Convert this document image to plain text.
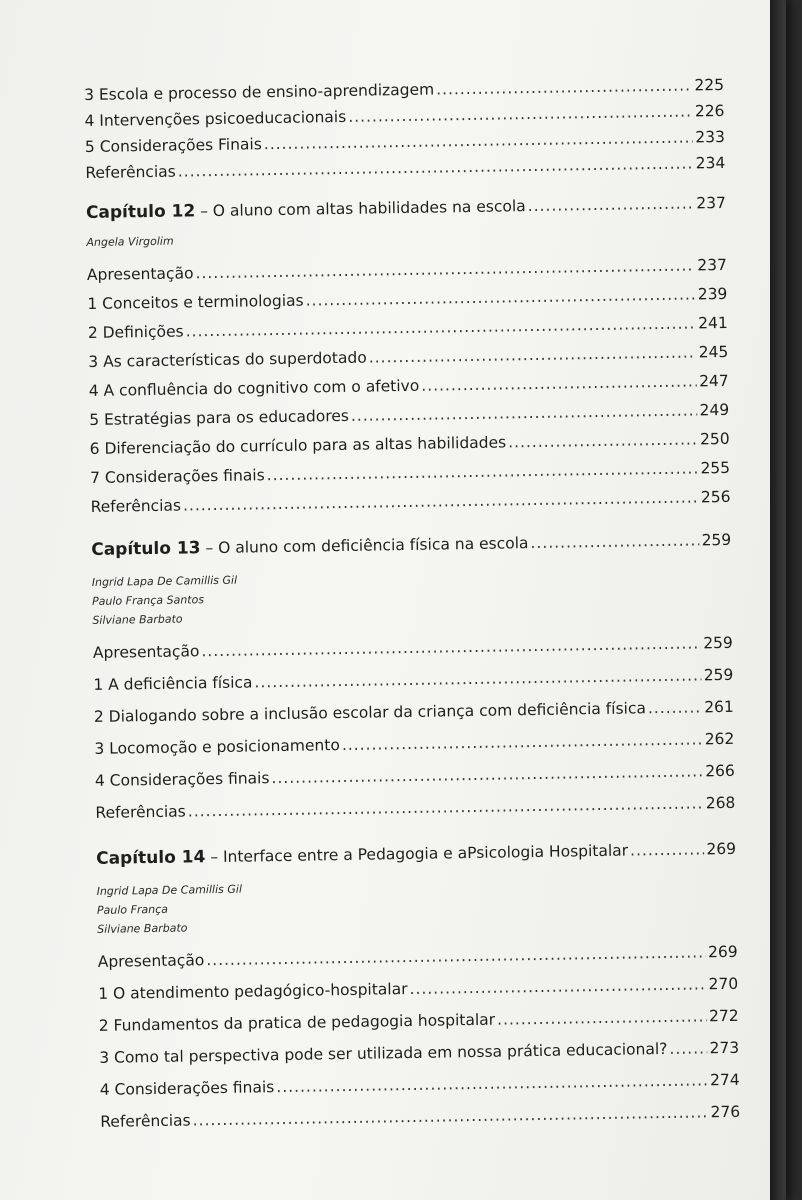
3 Escola e processo de ensino-aprendizagem .....	225
4 Intervenções psicoeducacionais .....	226
5 Considerações Finais .....	233
Referências .....	234
Capítulo 12 – O aluno com altas habilidades na escola .....	237
Angela Virgolim
Apresentação .....	237
1 Conceitos e terminologias .....	239
2 Definições .....	241
3 As características do superdotado .....	245
4 A confluência do cognitivo com o afetivo .....	247
5 Estratégias para os educadores .....	249
6 Diferenciação do currículo para as altas habilidades .....	250
7 Considerações finais .....	255
Referências .....	256
Capítulo 13 – O aluno com deficiência física na escola .....	259
Ingrid Lapa De Camillis Gil
Paulo França Santos
Silviane Barbato
Apresentação .....	259
1 A deficiência física .....	259
2 Dialogando sobre a inclusão escolar da criança com deficiência física .....	261
3 Locomoção e posicionamento .....	262
4 Considerações finais .....	266
Referências .....	268
Capítulo 14 – Interface entre a Pedagogia e aPsicologia Hospitalar .....	269
Ingrid Lapa De Camillis Gil
Paulo França
Silviane Barbato
Apresentação .....	269
1 O atendimento pedagógico-hospitalar .....	270
2 Fundamentos da pratica de pedagogia hospitalar .....	272
3 Como tal perspectiva pode ser utilizada em nossa prática educacional? .....	273
4 Considerações finais .....	274
Referências .....	276
